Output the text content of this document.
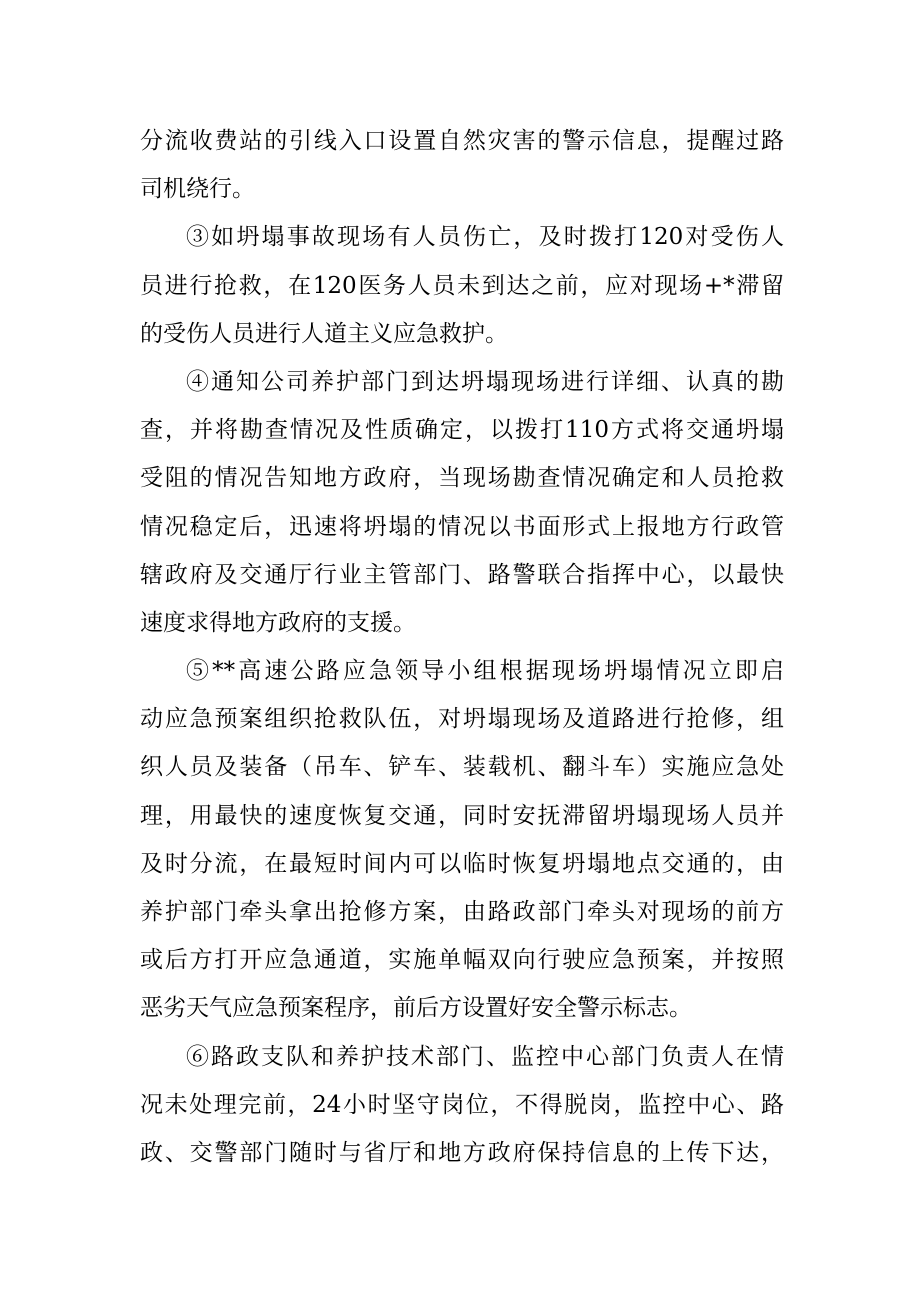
分流收费站的引线入口设置自然灾害的警示信息，提醒过路
司机绕行。
③如坍塌事故现场有人员伤亡，及时拨打120对受伤人
员进行抢救，在120医务人员未到达之前，应对现场+*滞留
的受伤人员进行人道主义应急救护。
④通知公司养护部门到达坍塌现场进行详细、认真的勘
查，并将勘查情况及性质确定，以拨打110方式将交通坍塌
受阻的情况告知地方政府，当现场勘查情况确定和人员抢救
情况稳定后，迅速将坍塌的情况以书面形式上报地方行政管
辖政府及交通厅行业主管部门、路警联合指挥中心，以最快
速度求得地方政府的支援。
⑤**高速公路应急领导小组根据现场坍塌情况立即启
动应急预案组织抢救队伍，对坍塌现场及道路进行抢修，组
织人员及装备（吊车、铲车、装载机、翻斗车）实施应急处
理，用最快的速度恢复交通，同时安抚滞留坍塌现场人员并
及时分流，在最短时间内可以临时恢复坍塌地点交通的，由
养护部门牵头拿出抢修方案，由路政部门牵头对现场的前方
或后方打开应急通道，实施单幅双向行驶应急预案，并按照
恶劣天气应急预案程序，前后方设置好安全警示标志。
⑥路政支队和养护技术部门、监控中心部门负责人在情
况未处理完前，24小时坚守岗位，不得脱岗，监控中心、路
政、交警部门随时与省厅和地方政府保持信息的上传下达，
